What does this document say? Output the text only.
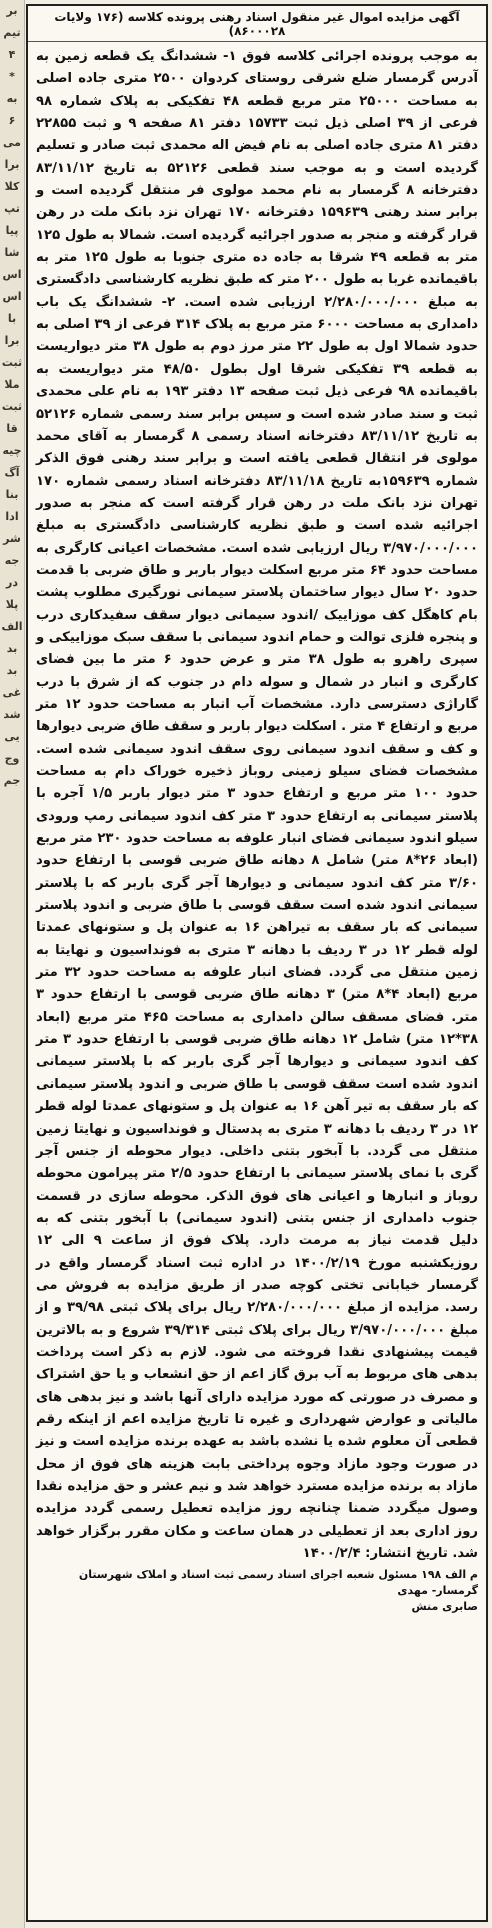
بر
تیم
۴
*
به
۶
می
برا
کلا
تپ
پیا
شا
اس
اس
با
برا
ثبت
ملا
ثبت
قا
چیه
آگ
بنا
ادا
شر
جه
در
پلا
الف
بد
بد
غی
شد
یی
وج
جم
آگهی مزایده اموال غیر منقول اسناد رهنی پرونده کلاسه (۱۷۶ ولایات ۸۶۰۰۰۲۸)
به موجب پرونده اجرائی کلاسه فوق ۱- ششدانگ یک قطعه زمین به آدرس گرمسار ضلع شرقی روستای کردوان ۲۵۰۰ متری جاده اصلی به مساحت ۲۵۰۰۰ متر مربع قطعه ۴۸ تفکیکی به پلاک شماره ۹۸ فرعی از ۳۹ اصلی ذیل ثبت ۱۵۷۳۳ دفتر ۸۱ صفحه ۹ و ثبت ۲۲۸۵۵ دفتر ۸۱ متری جاده اصلی به نام فیض اله محمدی ثبت صادر و تسلیم گردیده است و به موجب سند قطعی ۵۲۱۲۶ به تاریخ ۸۳/۱۱/۱۲ دفترخانه ۸ گرمسار به نام محمد مولوی فر منتقل گردیده است و برابر سند رهنی ۱۵۹۶۳۹ دفترخانه ۱۷۰ تهران نزد بانک ملت در رهن قرار گرفته و منجر به صدور اجرائیه گردیده است. شمالا به طول ۱۲۵ متر به قطعه ۴۹ شرقا به جاده ده متری جنوبا به طول ۱۲۵ متر به باقیمانده غربا به طول ۲۰۰ متر که طبق نظریه کارشناسی دادگستری به مبلغ ۲/۲۸۰/۰۰۰/۰۰۰ ارزیابی شده است. ۲- ششدانگ یک باب دامداری به مساحت ۶۰۰۰ متر مربع به پلاک ۳۱۴ فرعی از ۳۹ اصلی به حدود شمالا اول به طول ۲۲ متر مرز دوم به طول ۳۸ متر دیواریست به قطعه ۳۹ تفکیکی شرقا اول بطول ۴۸/۵۰ متر دیواریست به باقیمانده ۹۸ فرعی ذیل ثبت صفحه ۱۳ دفتر ۱۹۳ به نام علی محمدی ثبت و سند صادر شده است و سپس برابر سند رسمی شماره ۵۲۱۲۶ به تاریخ ۸۳/۱۱/۱۲ دفترخانه اسناد رسمی ۸ گرمسار به آقای محمد مولوی فر انتقال قطعی یافته است و برابر سند رهنی فوق الذکر شماره ۱۵۹۶۳۹به تاریخ ۸۳/۱۱/۱۸ دفترخانه اسناد رسمی شماره ۱۷۰ تهران نزد بانک ملت در رهن قرار گرفته است که منجر به صدور اجرائیه شده است و طبق نظریه کارشناسی دادگستری به مبلغ ۳/۹۷۰/۰۰۰/۰۰۰ ریال ارزیابی شده است. مشخصات اعیانی کارگری به مساحت حدود ۶۴ متر مربع اسکلت دیوار باربر و طاق ضربی با قدمت حدود ۲۰ سال دیوار ساختمان پلاستر سیمانی نورگیری مطلوب پشت بام کاهگل کف موزاییک /اندود سیمانی دیوار سقف سفیدکاری درب و پنجره فلزی توالت و حمام اندود سیمانی با سقف سبک موزاییکی و سپری راهرو به طول ۳۸ متر و عرض حدود ۶ متر ما بین فضای کارگری و انبار در شمال و سوله دام در جنوب که از شرق با درب گاراژی دسترسی دارد. مشخصات آب انبار به مساحت حدود ۱۲ متر مربع و ارتفاع ۴ متر . اسکلت دیوار باربر و سقف طاق ضربی دیوارها و کف و سقف اندود سیمانی روی سقف اندود سیمانی شده است. مشخصات فضای سیلو زمینی روباز ذخیره خوراک دام به مساحت حدود ۱۰۰ متر مربع و ارتفاع حدود ۳ متر دیوار باربر ۱/۵ آجره با پلاستر سیمانی به ارتفاع حدود ۳ متر کف اندود سیمانی رمپ ورودی سیلو اندود سیمانی فضای انبار علوفه به مساحت حدود ۲۳۰ متر مربع (ابعاد ۲۶*۸ متر) شامل ۸ دهانه طاق ضربی قوسی با ارتفاع حدود ۳/۶۰ متر کف اندود سیمانی و دیوارها آجر گری باربر که با پلاستر سیمانی اندود شده است سقف قوسی با طاق ضربی و اندود پلاستر سیمانی که بار سقف به تیراهن ۱۶ به عنوان پل و ستونهای عمدتا لوله قطر ۱۲ در ۳ ردیف با دهانه ۳ متری به فونداسیون و نهایتا به زمین منتقل می گردد. فضای انبار علوفه به مساحت حدود ۳۲ متر مربع (ابعاد ۴*۸ متر) ۳ دهانه طاق ضربی قوسی با ارتفاع حدود ۳ متر. فضای مسقف سالن دامداری به مساحت ۴۶۵ متر مربع (ابعاد ۳۸*۱۲ متر) شامل ۱۲ دهانه طاق ضربی قوسی با ارتفاع حدود ۳ متر کف اندود سیمانی و دیوارها آجر گری باربر که با پلاستر سیمانی اندود شده است سقف قوسی با طاق ضربی و اندود پلاستر سیمانی که بار سقف به تیر آهن ۱۶ به عنوان پل و ستونهای عمدتا لوله قطر ۱۲ در ۳ ردیف با دهانه ۳ متری به پدستال و فونداسیون و نهایتا زمین منتقل می گردد. با آبخور بتنی داخلی. دیوار محوطه از جنس آجر گری با نمای پلاستر سیمانی با ارتفاع حدود ۲/۵ متر پیرامون محوطه روباز و انبارها و اعیانی های فوق الذکر. محوطه سازی در قسمت جنوب دامداری از جنس بتنی (اندود سیمانی) با آبخور بتنی که به دلیل قدمت نیاز به مرمت دارد. پلاک فوق از ساعت ۹ الی ۱۲ روزیکشنبه مورخ ۱۴۰۰/۲/۱۹ در اداره ثبت اسناد گرمسار واقع در گرمسار خیابانی تختی کوچه صدر از طریق مزایده به فروش می رسد. مزایده از مبلغ ۲/۲۸۰/۰۰۰/۰۰۰ ریال برای پلاک ثبتی ۳۹/۹۸ و از مبلغ ۳/۹۷۰/۰۰۰/۰۰۰ ریال برای پلاک ثبتی ۳۹/۳۱۴ شروع و به بالاترین قیمت پیشنهادی نقدا فروخته می شود. لازم به ذکر است پرداخت بدهی های مربوط به آب برق گاز اعم از حق انشعاب و یا حق اشتراک و مصرف در صورتی که مورد مزایده دارای آنها باشد و نیز بدهی های مالیاتی و عوارض شهرداری و غیره تا تاریخ مزایده اعم از اینکه رقم قطعی آن معلوم شده یا نشده باشد به عهده برنده مزایده است و نیز در صورت وجود مازاد وجوه پرداختی بابت هزینه های فوق از محل مازاد به برنده مزایده مسترد خواهد شد و نیم عشر و حق مزایده نقدا وصول میگردد ضمنا چنانچه روز مزایده تعطیل رسمی گردد مزایده روز اداری بعد از تعطیلی در همان ساعت و مکان مقرر برگزار خواهد شد. تاریخ انتشار: ۱۴۰۰/۲/۴
م الف ۱۹۸ مسئول شعبه اجرای اسناد رسمی ثبت اسناد و املاک شهرستان گرمسار- مهدی
صابری منش
